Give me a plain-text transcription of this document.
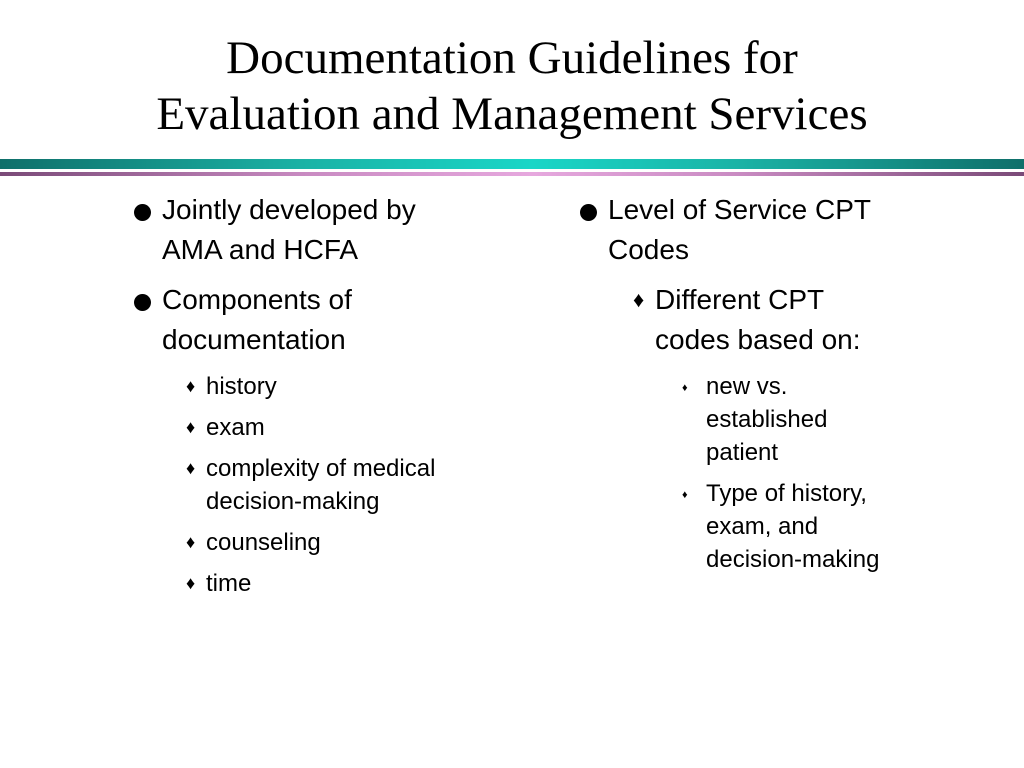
Documentation Guidelines for
Evaluation and Management Services
Jointly developed by
AMA and HCFA
Components of
documentation
♦ history
♦ exam
♦ complexity of medical
decision-making
♦ counseling
♦ time
Level of Service CPT
Codes
♦ Different CPT
codes based on:
♦ new vs.
established
patient
♦ Type of history,
exam, and
decision-making
